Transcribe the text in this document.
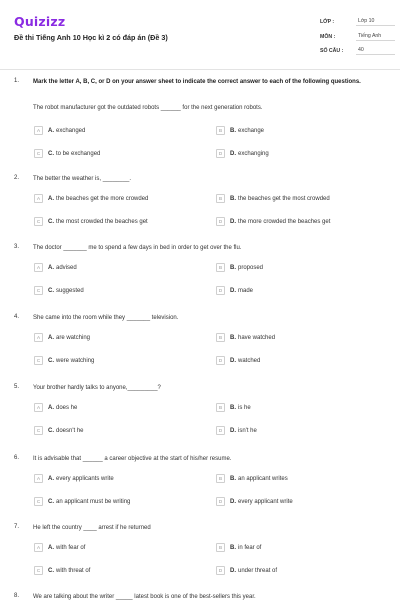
Quizizz
Đề thi Tiếng Anh 10 Học kì 2 có đáp án (Đề 3)
LỚP :	Lớp 10
MÔN :	Tiếng Anh
SỐ CÂU :	40
1. Mark the letter A, B, C, or D on your answer sheet to indicate the correct answer to each of the following questions.
The robot manufacturer got the outdated robots ______ for the next generation robots.
A	A. exchanged	B	B. exchange
C	C. to be exchanged	D	D. exchanging
2. The better the weather is, ________.
A	A. the beaches get the more crowded	B	B. the beaches get the most crowded
C	C. the most crowded the beaches get	D	D. the more crowded the beaches get
3. The doctor _______ me to spend a few days in bed in order to get over the flu.
A	A. advised	B	B. proposed
C	C. suggested	D	D. made
4. She came into the room while they _______ television.
A	A. are watching	B	B. have watched
C	C. were watching	D	D. watched
5. Your brother hardly talks to anyone,_________?
A	A. does he	B	B. is he
C	C. doesn't he	D	D. isn't he
6. It is advisable that ______ a career objective at the start of his/her resume.
A	A. every applicants write	B	B. an applicant writes
C	C. an applicant must be writing	D	D. every applicant write
7. He left the country ____ arrest if he returned
A	A. with fear of	B	B. in fear of
C	C. with threat of	D	D. under threat of
8. We are talking about the writer _____ latest book is one of the best-sellers this year.
